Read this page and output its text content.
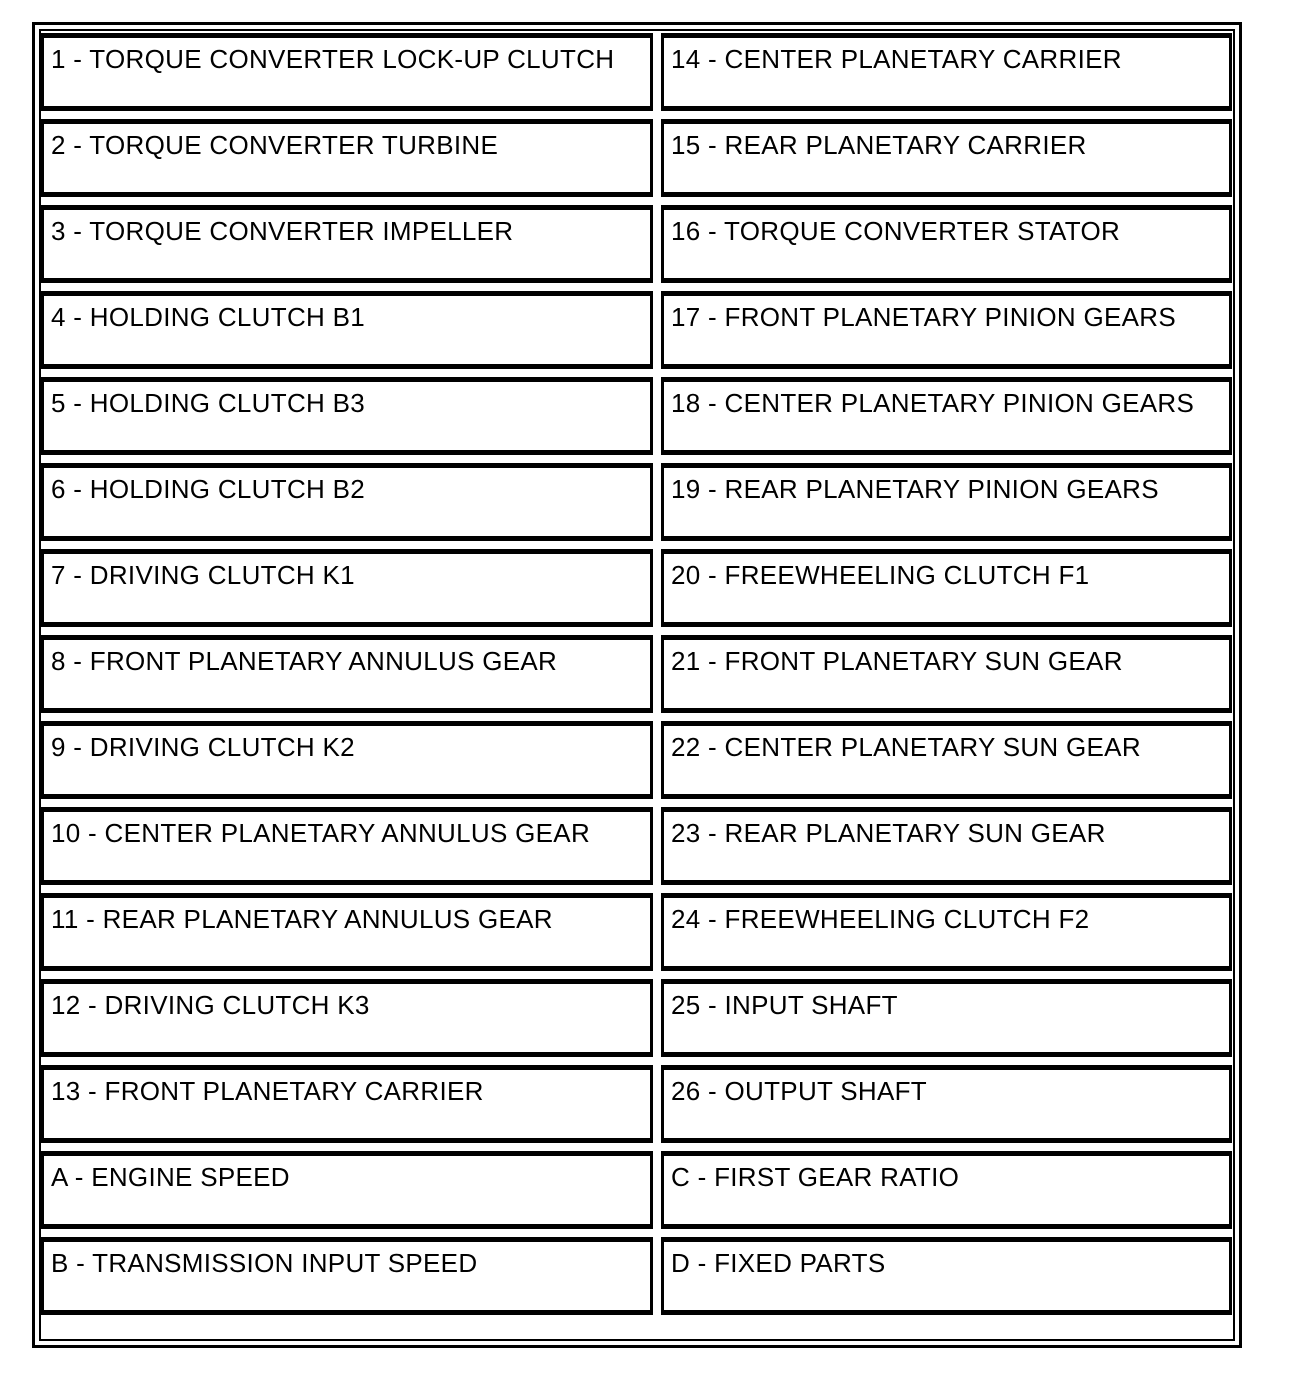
1 - TORQUE CONVERTER LOCK-UP CLUTCH	14 - CENTER PLANETARY CARRIER
2 - TORQUE CONVERTER TURBINE	15 - REAR PLANETARY CARRIER
3 - TORQUE CONVERTER IMPELLER	16 - TORQUE CONVERTER STATOR
4 - HOLDING CLUTCH B1	17 - FRONT PLANETARY PINION GEARS
5 - HOLDING CLUTCH B3	18 - CENTER PLANETARY PINION GEARS
6 - HOLDING CLUTCH B2	19 - REAR PLANETARY PINION GEARS
7 - DRIVING CLUTCH K1	20 - FREEWHEELING CLUTCH F1
8 - FRONT PLANETARY ANNULUS GEAR	21 - FRONT PLANETARY SUN GEAR
9 - DRIVING CLUTCH K2	22 - CENTER PLANETARY SUN GEAR
10 - CENTER PLANETARY ANNULUS GEAR	23 - REAR PLANETARY SUN GEAR
11 - REAR PLANETARY ANNULUS GEAR	24 - FREEWHEELING CLUTCH F2
12 - DRIVING CLUTCH K3	25 - INPUT SHAFT
13 - FRONT PLANETARY CARRIER	26 - OUTPUT SHAFT
A - ENGINE SPEED	C - FIRST GEAR RATIO
B - TRANSMISSION INPUT SPEED	D - FIXED PARTS
